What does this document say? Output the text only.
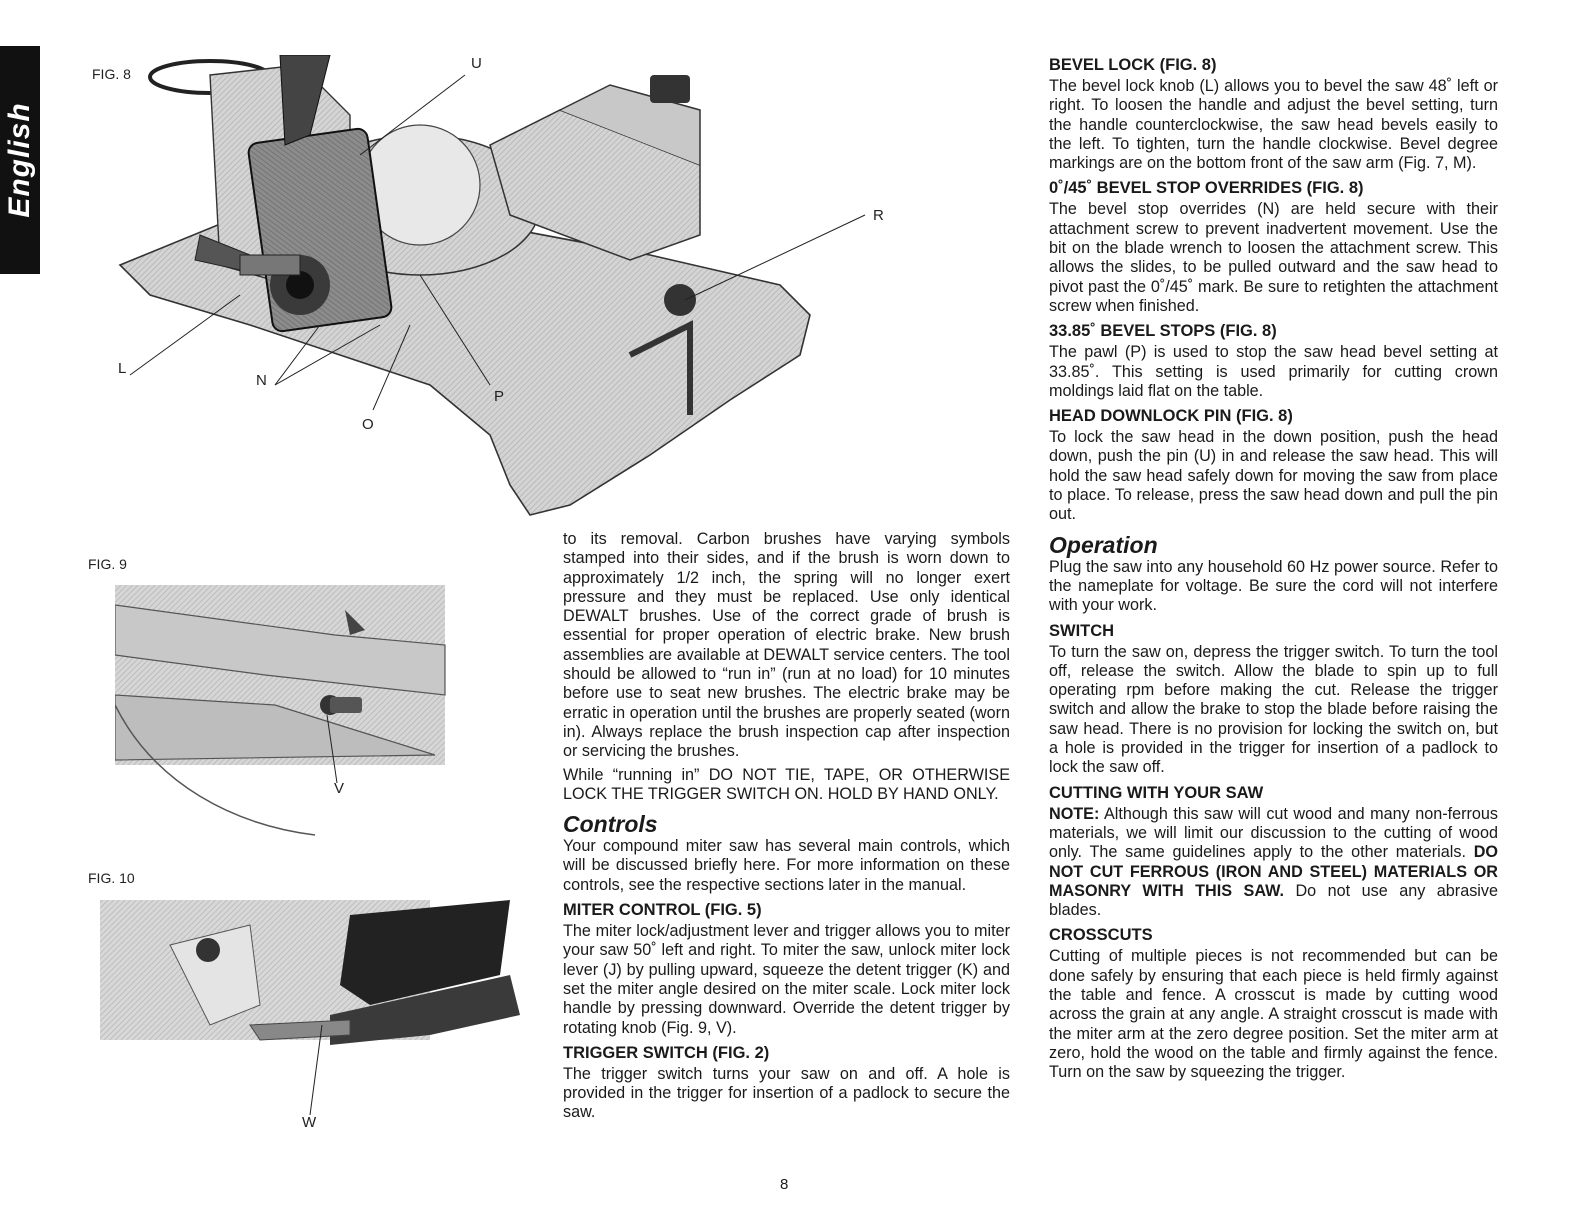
English
FIG. 8
U
R
L
N
O
P
FIG. 9
V
FIG. 10
W

to its removal. Carbon brushes have varying symbols stamped into their sides, and if the brush is worn down to approximately 1/2 inch, the spring will no longer exert pressure and they must be replaced. Use only identical DEWALT brushes. Use of the correct grade of brush is essential for proper operation of electric brake. New brush assemblies are available at DEWALT service centers. The tool should be allowed to “run in” (run at no load) for 10 minutes before use to seat new brushes. The electric brake may be erratic in operation until the brushes are properly seated (worn in). Always replace the brush inspection cap after inspection or servicing the brushes.

While “running in” DO NOT TIE, TAPE, OR OTHERWISE LOCK THE TRIGGER SWITCH ON. HOLD BY HAND ONLY.

Controls

Your compound miter saw has several main controls, which will be discussed briefly here. For more information on these controls, see the respective sections later in the manual.

MITER CONTROL (FIG. 5)

The miter lock/adjustment lever and trigger allows you to miter your saw 50˚ left and right. To miter the saw, unlock miter lock lever (J) by pulling upward, squeeze the detent trigger (K) and set the miter angle desired on the miter scale. Lock miter lock handle by pressing downward. Override the detent trigger by rotating knob (Fig. 9, V).

TRIGGER SWITCH (FIG. 2)

The trigger switch turns your saw on and off. A hole is provided in the trigger for insertion of a padlock to secure the saw.

BEVEL LOCK (FIG. 8)

The bevel lock knob (L) allows you to bevel the saw 48˚ left or right. To loosen the handle and adjust the bevel setting, turn the handle counterclockwise, the saw head bevels easily to the left. To tighten, turn the handle clockwise. Bevel degree markings are on the bottom front of the saw arm (Fig. 7, M).

0˚/45˚ BEVEL STOP OVERRIDES (FIG. 8)

The bevel stop overrides (N) are held secure with their attachment screw to prevent inadvertent movement. Use the bit on the blade wrench to loosen the attachment screw. This allows the slides, to be pulled outward and the saw head to pivot past the 0˚/45˚ mark. Be sure to retighten the attachment screw when finished.

33.85˚ BEVEL STOPS (FIG. 8)

The pawl (P) is used to stop the saw head bevel setting at 33.85˚. This setting is used primarily for cutting crown moldings laid flat on the table.

HEAD DOWNLOCK PIN (FIG. 8)

To lock the saw head in the down position, push the head down, push the pin (U) in and release the saw head. This will hold the saw head safely down for moving the saw from place to place. To release, press the saw head down and pull the pin out.

Operation

Plug the saw into any household 60 Hz power source. Refer to the nameplate for voltage. Be sure the cord will not interfere with your work.

SWITCH

To turn the saw on, depress the trigger switch. To turn the tool off, release the switch. Allow the blade to spin up to full operating rpm before making the cut. Release the trigger switch and allow the brake to stop the blade before raising the saw head. There is no provision for locking the switch on, but a hole is provided in the trigger for insertion of a padlock to lock the saw off.

CUTTING WITH YOUR SAW

NOTE: Although this saw will cut wood and many non-ferrous materials, we will limit our discussion to the cutting of wood only. The same guidelines apply to the other materials. DO NOT CUT FERROUS (IRON AND STEEL) MATERIALS OR MASONRY WITH THIS SAW. Do not use any abrasive blades.

CROSSCUTS

Cutting of multiple pieces is not recommended but can be done safely by ensuring that each piece is held firmly against the table and fence. A crosscut is made by cutting wood across the grain at any angle. A straight crosscut is made with the miter arm at the zero degree position. Set the miter arm at zero, hold the wood on the table and firmly against the fence. Turn on the saw by squeezing the trigger.

8
